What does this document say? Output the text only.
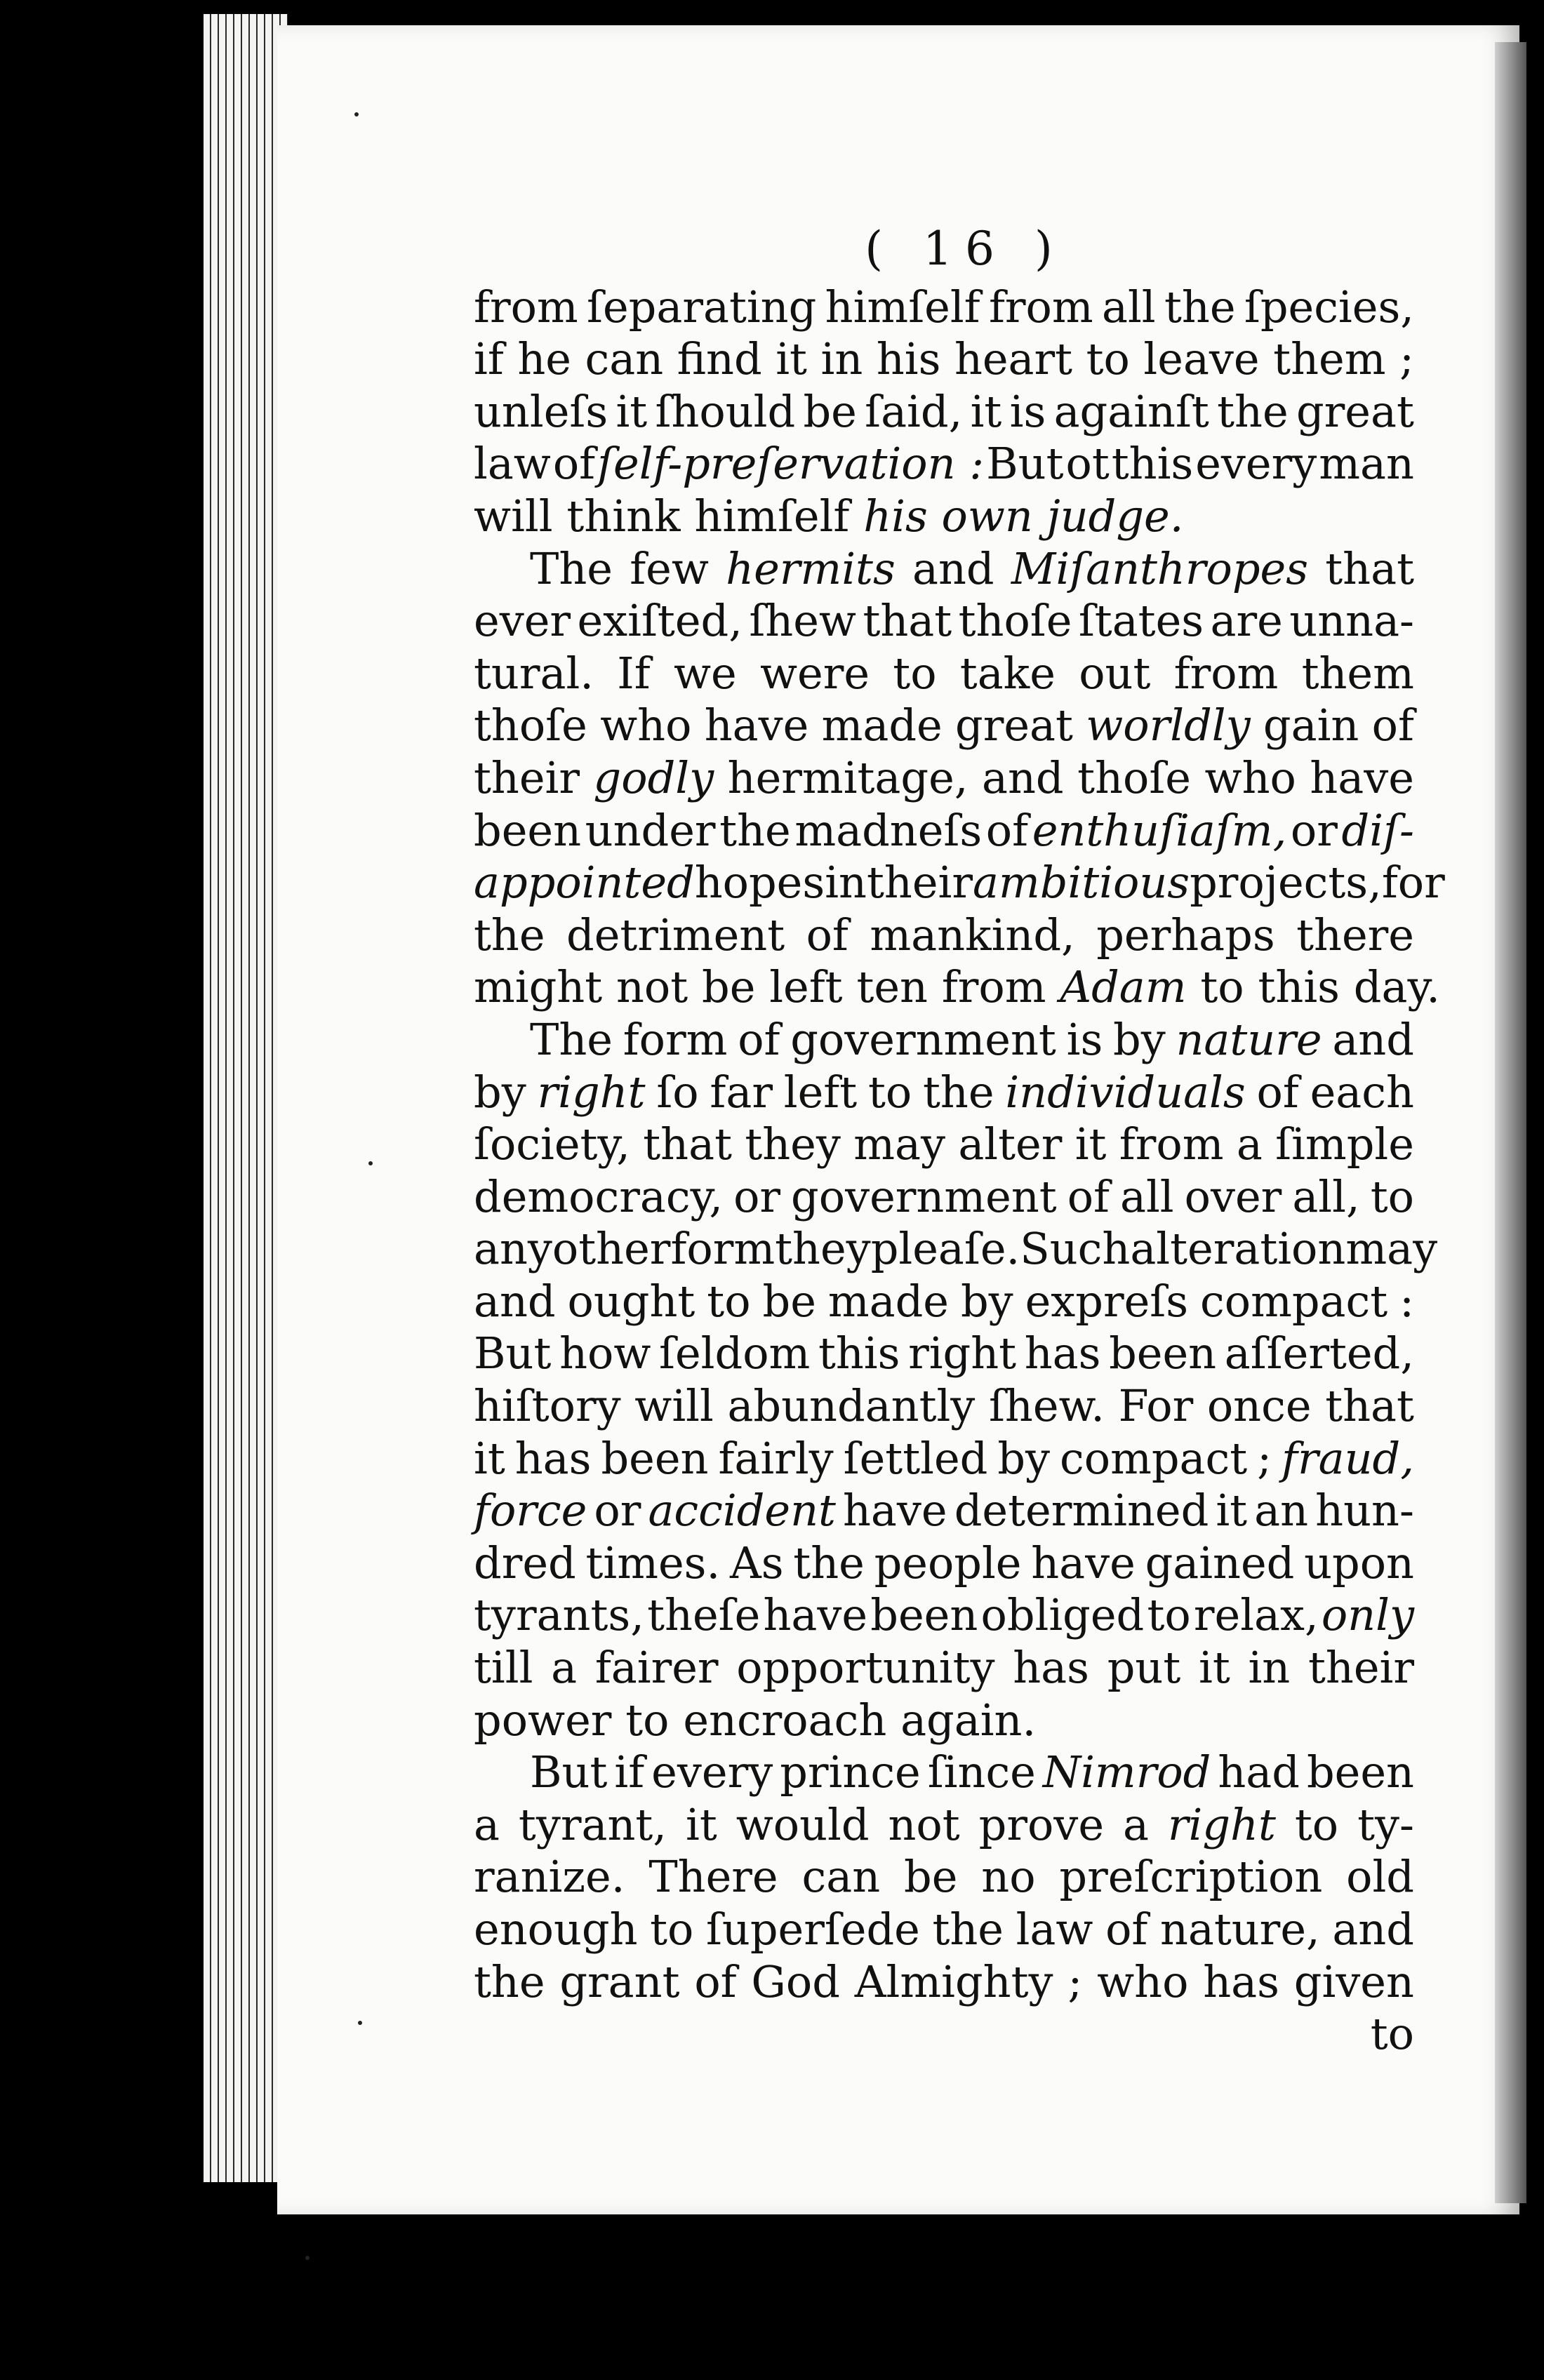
( 16 )
from ſeparating himſelf from all the ſpecies,
if he can find it in his heart to leave them ;
unleſs it ſhould be ſaid, it is againſt the great
law of ſelf-preſervation : But ot this every man
will think himſelf his own judge.
The few hermits and Miſanthropes that
ever exiſted, ſhew that thoſe ſtates are unna-
tural. If we were to take out from them
thoſe who have made great worldly gain of
their godly hermitage, and thoſe who have
been under the madneſs of enthuſiaſm, or diſ-
appointed hopes in their ambitious projects, for
the detriment of mankind, perhaps there
might not be left ten from Adam to this day.
The form of government is by nature and
by right ſo far left to the individuals of each
ſociety, that they may alter it from a ſimple
democracy, or government of all over all, to
any other form they pleaſe. Such alteration may
and ought to be made by expreſs compact :
But how ſeldom this right has been aſſerted,
hiſtory will abundantly ſhew. For once that
it has been fairly ſettled by compact ; fraud,
force or accident have determined it an hun-
dred times. As the people have gained upon
tyrants, theſe have been obliged to relax, only
till a fairer opportunity has put it in their
power to encroach again.
But if every prince ſince Nimrod had been
a tyrant, it would not prove a right to ty-
ranize. There can be no preſcription old
enough to ſuperſede the law of nature, and
the grant of God Almighty ; who has given
to
